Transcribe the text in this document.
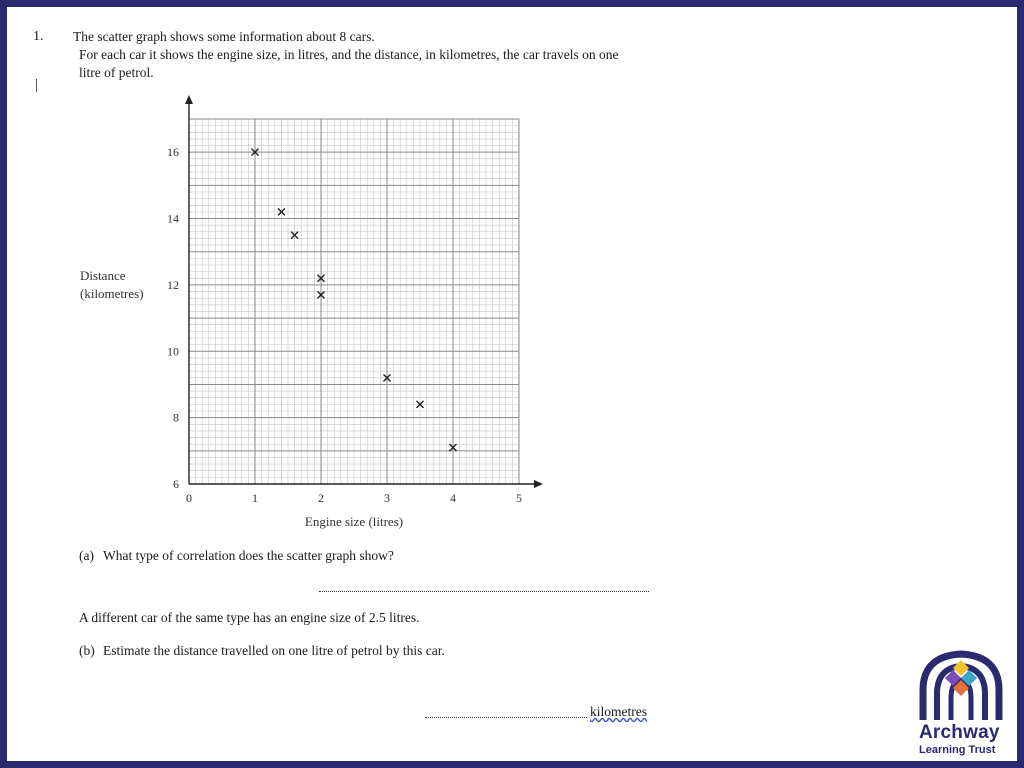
1. The scatter graph shows some information about 8 cars.
For each car it shows the engine size, in litres, and the distance, in kilometres, the car travels on one
litre of petrol.
|
0	1	2	3	4	5
6
8
10
12
14
16
Engine size (litres)
Distance
(kilometres)
(a) What type of correlation does the scatter graph show?
A different car of the same type has an engine size of 2.5 litres.
(b) Estimate the distance travelled on one litre of petrol by this car.
kilometres
Archway
Learning Trust
